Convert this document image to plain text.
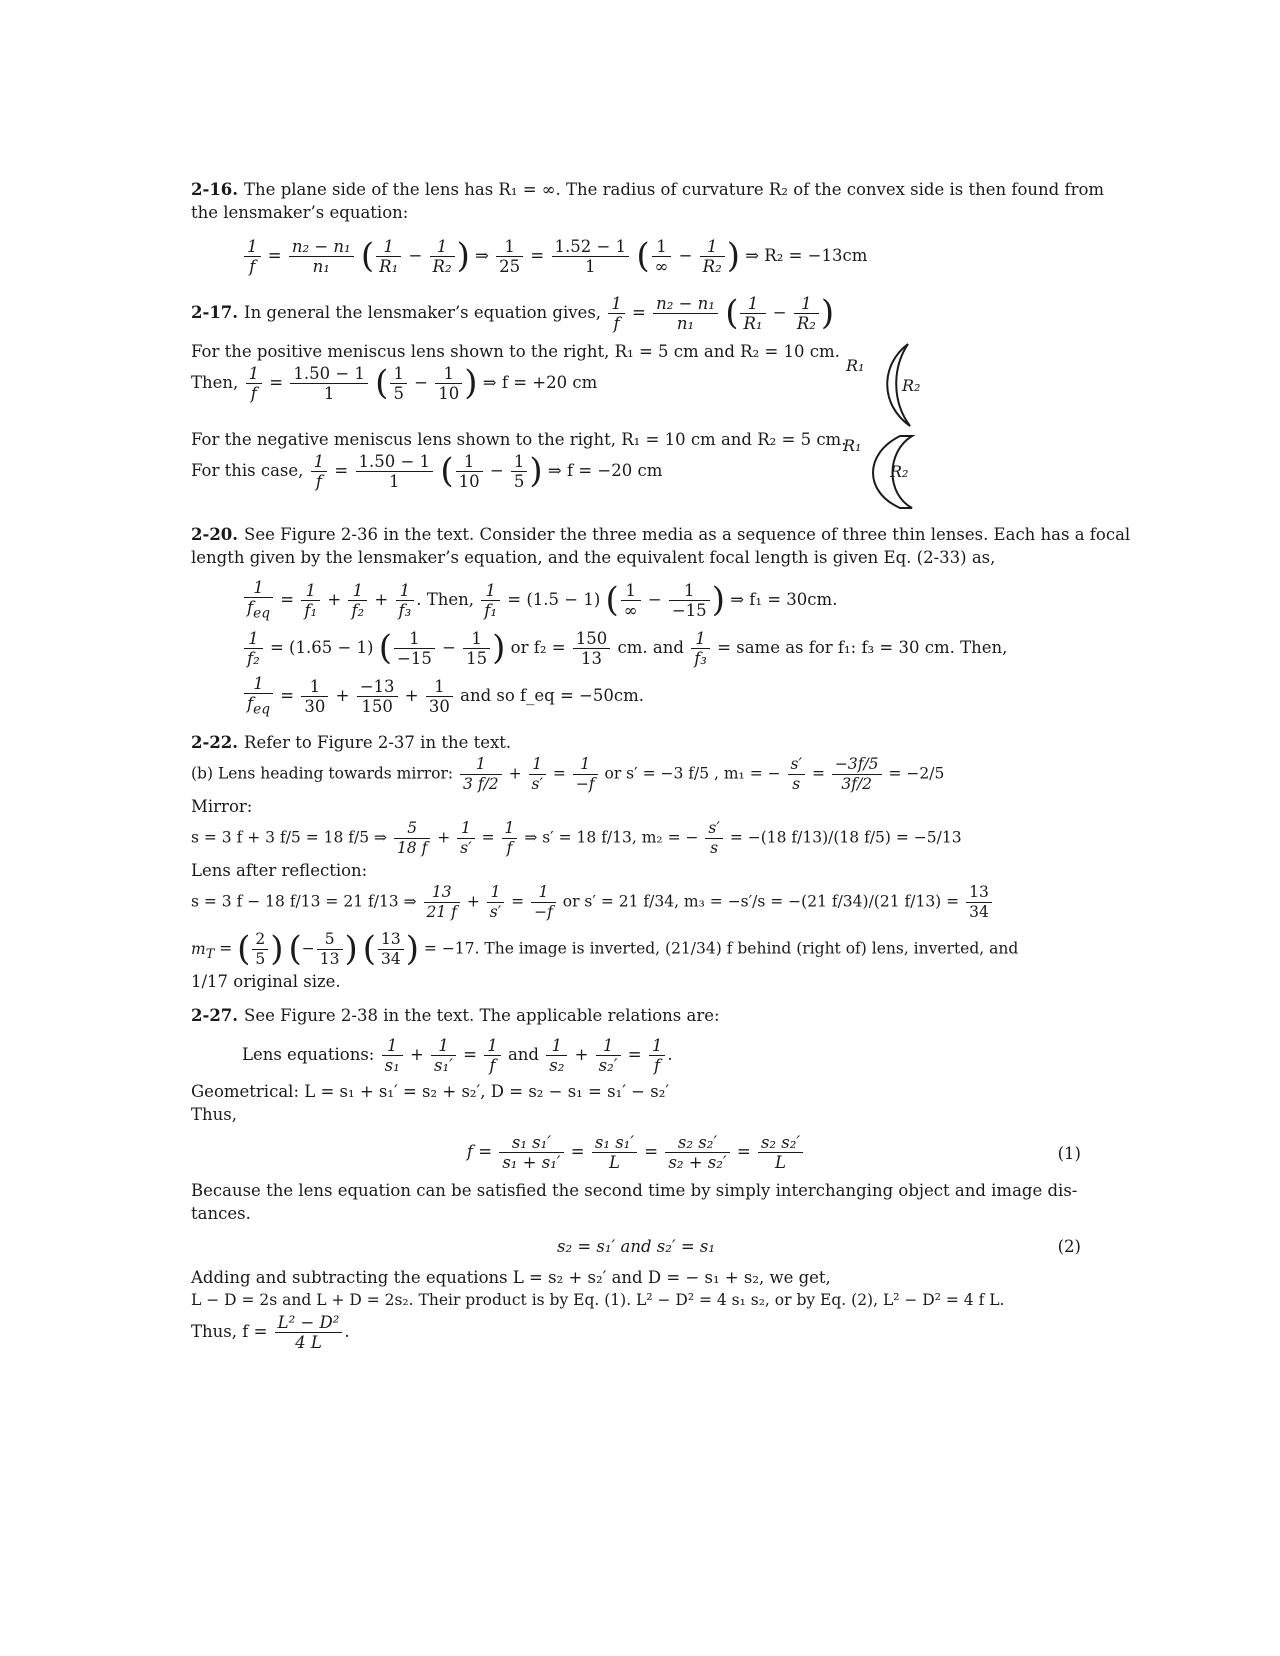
2-16. The plane side of the lens has R₁ = ∞. The radius of curvature R₂ of the convex side is then found from
the lensmaker’s equation:
$\frac{1}{f} = \frac{\text{n₂ − n₁}}{\text{n₁}}$ ( $\frac{1}{\text{R₁}} - \frac{1}{\text{R₂}}$ ) ⇒ $\frac{1}{25} = \frac{1.52 - 1}{1}$ ( $\frac{1}{\infty} - \frac{1}{\text{R₂}}$ ) ⇒ R₂ = −13cm
2-17. In general the lensmaker’s equation gives, $\frac{1}{f} = \frac{\text{n₂ − n₁}}{\text{n₁}}$ ( $\frac{1}{\text{R₁}} - \frac{1}{\text{R₂}}$ )
For the positive meniscus lens shown to the right, R₁ = 5 cm and R₂ = 10 cm.
Then, $\frac{1}{f} = \frac{1.50 - 1}{1}$ ( $\frac{1}{5} - \frac{1}{10}$ ) ⇒ f = +20 cm
For the negative meniscus lens shown to the right, R₁ = 10 cm and R₂ = 5 cm.
For this case, $\frac{1}{f} = \frac{1.50 - 1}{1}$ ( $\frac{1}{10} - \frac{1}{5}$ ) ⇒ f = −20 cm
R₁
R₂
R₁
R₂
2-20. See Figure 2-36 in the text. Consider the three media as a sequence of three thin lenses. Each has a focal
length given by the lensmaker’s equation, and the equivalent focal length is given Eq. (2-33) as,
$\frac{1}{f_{eq}} = \frac{1}{\text{f₁}} + \frac{1}{\text{f₂}} + \frac{1}{\text{f₃}}$ . Then, $\frac{1}{\text{f₁}} = (1.5 - 1)$ ( $\frac{1}{\infty} - \frac{1}{-15}$ ) ⇒ f₁ = 30cm.
$\frac{1}{\text{f₂}} = (1.65 - 1)$ ( $\frac{1}{-15} - \frac{1}{15}$ ) or $f_2 = \frac{150}{13}$ cm. and $\frac{1}{\text{f₃}}$ = same as for f₁: f₃ = 30 cm. Then,
$\frac{1}{f_{eq}} = \frac{1}{30} + \frac{-13}{150} + \frac{1}{30}$ and so f_eq = −50cm.
2-22. Refer to Figure 2-37 in the text.
(b) Lens heading towards mirror: $\frac{1}{3 f/2} + \frac{1}{s'} = \frac{1}{-f}$ or s′ = −3 f/5 , m₁ = − $\frac{s'}{s} = \frac{-3f/5}{3f/2} = -2/5$
Mirror:
s = 3 f + 3 f/5 = 18 f/5 ⇒ $\frac{5}{18 f} + \frac{1}{s'} = \frac{1}{f}$ ⇒ s′ = 18 f/13, m₂ = − $\frac{s'}{s} = -(18$ f/13)/(18 f/5) = −5/13
Lens after reflection:
s = 3 f − 18 f/13 = 21 f/13 ⇒ $\frac{13}{21 f} + \frac{1}{s'} = \frac{1}{-f}$ or s′ = 21 f/34, m₃ = −s′/s = −(21 f/34)/(21 $f/13) = \frac{13}{34}$
$m_T$ = ( $\frac{2}{5}$ ) (− $\frac{5}{13}$ ) ( $\frac{13}{34}$ ) = −17. The image is inverted, (21/34) f behind (right of) lens, inverted, and
1/17 original size.
2-27. See Figure 2-38 in the text. The applicable relations are:
Lens equations: $\frac{1}{\text{s₁}} + \frac{1}{\text{s₁′}} = \frac{1}{f}$ and $\frac{1}{\text{s₂}} + \frac{1}{\text{s₂′}} = \frac{1}{f}$ .
Geometrical: L = s₁ + s₁′ = s₂ + s₂′, D = s₂ − s₁ = s₁′ − s₂′
Thus,
$f = \frac{\text{s₁ s₁′}}{\text{s₁ + s₁′}} = \frac{\text{s₁ s₁′}}{L} = \frac{\text{s₂ s₂′}}{\text{s₂ + s₂′}} = \frac{\text{s₂ s₂′}}{L}$	(1)
Because the lens equation can be satisfied the second time by simply interchanging object and image dis-
tances.
s₂ = s₁′ and s₂′ = s₁	(2)
Adding and subtracting the equations L = s₂ + s₂′ and D = − s₁ + s₂, we get,
L − D = 2s and L + D = 2s₂. Their product is by Eq. (1). L² − D² = 4 s₁ s₂, or by Eq. (2), L² − D² = 4 f L.
Thus, $f = \frac{\text{L² − D²}}{4 L}$ .
